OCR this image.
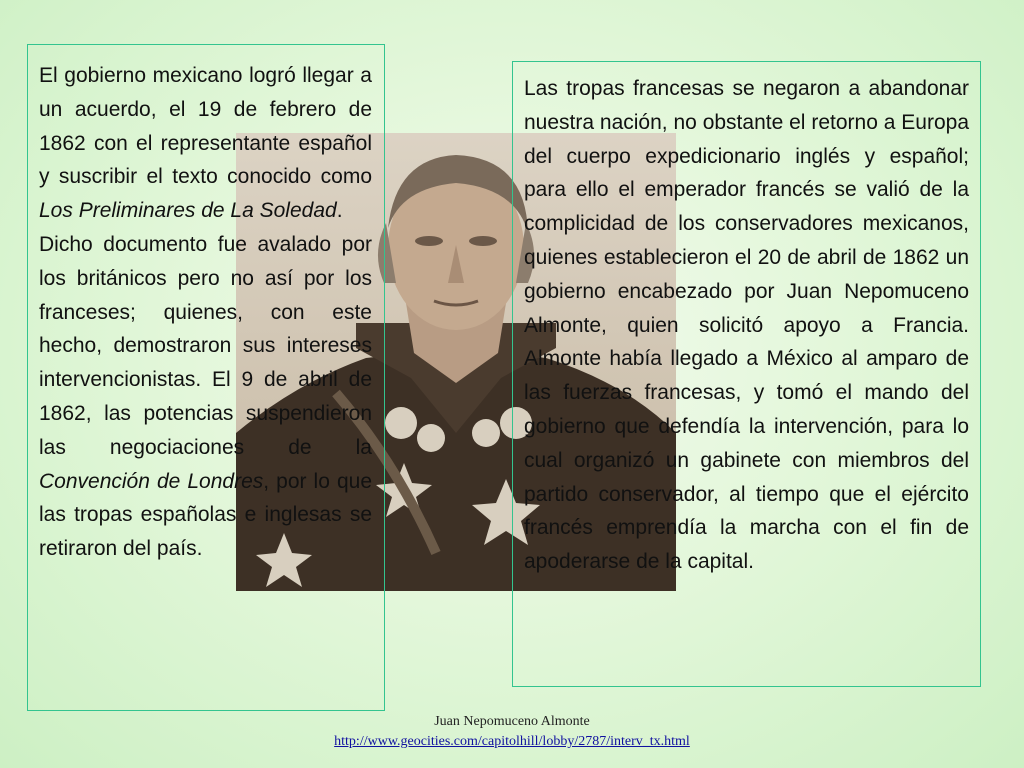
El gobierno mexicano logró llegar a un acuerdo, el 19 de febrero de 1862 con el representante español y suscribir el texto conocido como Los Preliminares de La Soledad.

Dicho documento fue avalado por los británicos pero no así por los franceses; quienes, con este hecho, demostraron sus intereses intervencionistas. El 9 de abril de 1862, las potencias suspendieron las negociaciones de la Convención de Londres, por lo que las tropas españolas e inglesas se retiraron del país.

Las tropas francesas se negaron a abandonar nuestra nación, no obstante el retorno a Europa del cuerpo expedicionario inglés y español; para ello el emperador francés se valió de la complicidad de los conservadores mexicanos, quienes establecieron el 20 de abril de 1862 un gobierno encabezado por Juan Nepomuceno Almonte, quien solicitó apoyo a Francia. Almonte había llegado a México al amparo de las fuerzas francesas, y tomó el mando del gobierno que defendía la intervención, para lo cual organizó un gabinete con miembros del partido conservador, al tiempo que el ejército francés emprendía la marcha con el fin de apoderarse de la capital.

Juan Nepomuceno Almonte
http://www.geocities.com/capitolhill/lobby/2787/interv_tx.html
